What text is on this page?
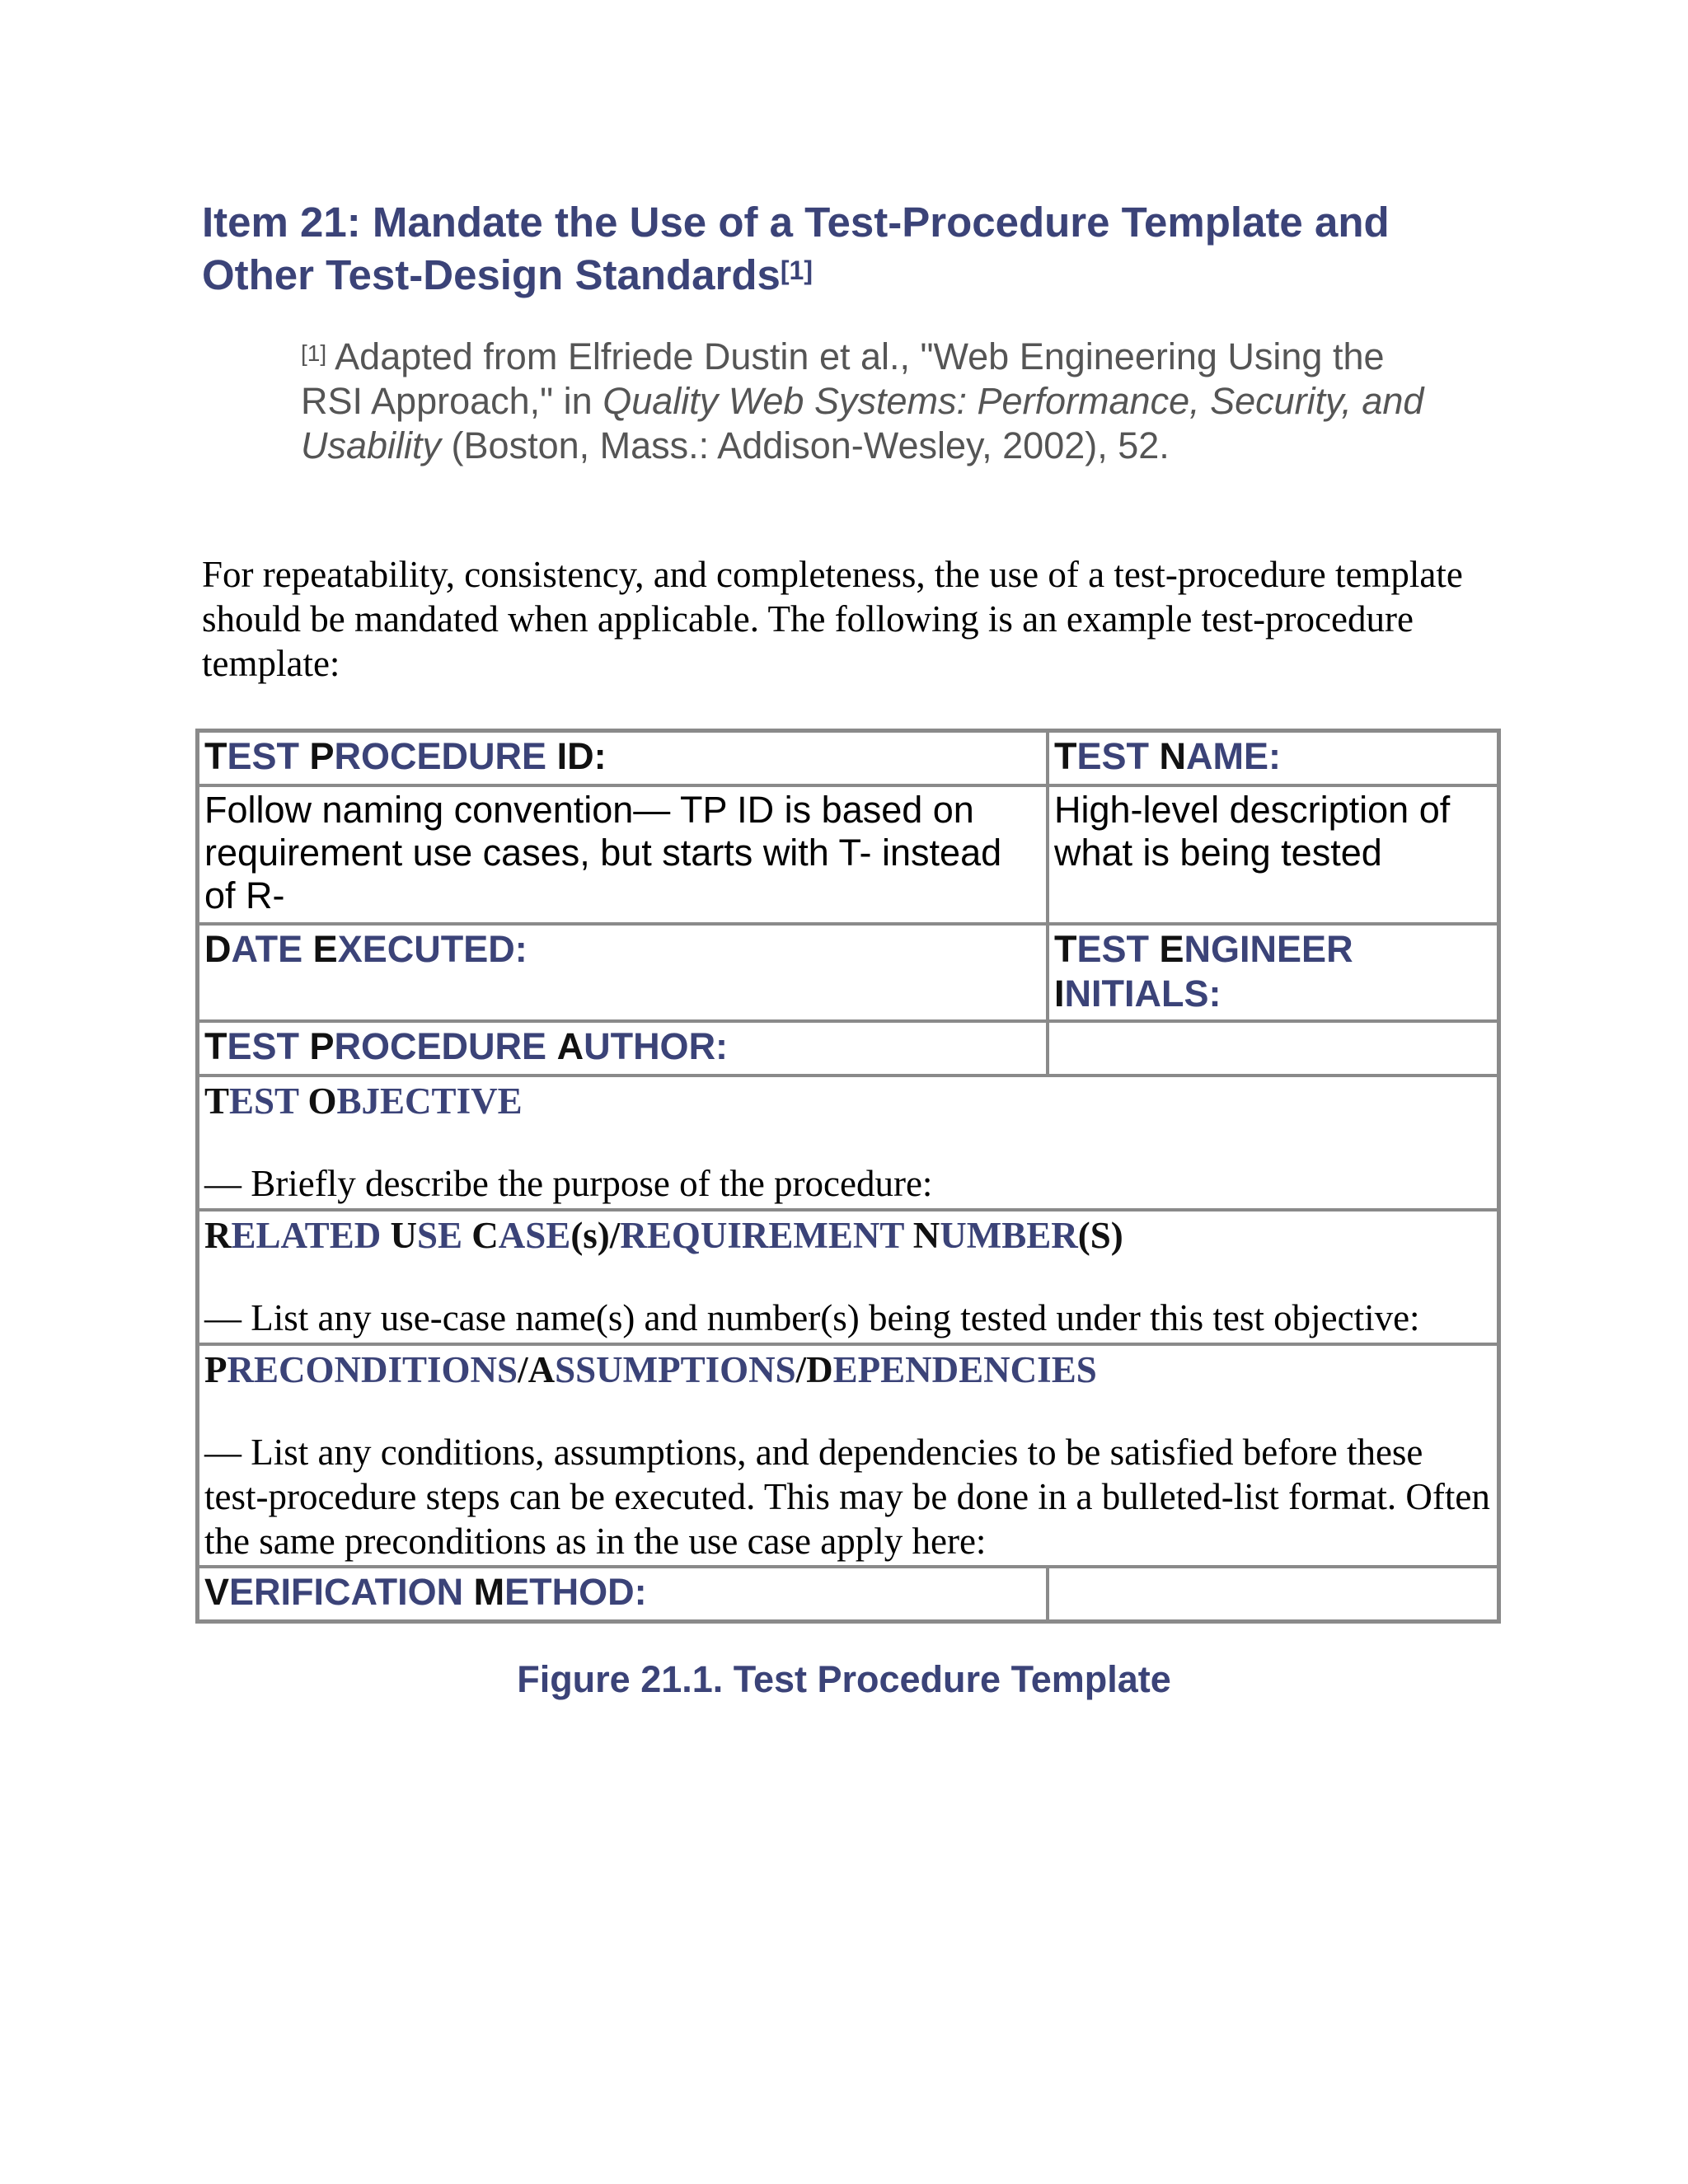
Item 21: Mandate the Use of a Test-Procedure Template and Other Test-Design Standards[1]
[1] Adapted from Elfriede Dustin et al., "Web Engineering Using the RSI Approach," in Quality Web Systems: Performance, Security, and Usability (Boston, Mass.: Addison-Wesley, 2002), 52.
For repeatability, consistency, and completeness, the use of a test-procedure template should be mandated when applicable. The following is an example test-procedure template:
TEST PROCEDURE ID:	TEST NAME:

Follow naming convention— TP ID is based on requirement use cases, but starts with T- instead of R-	High-level description of what is being tested

DATE EXECUTED:	TEST ENGINEER INITIALS:
TEST PROCEDURE AUTHOR:	

TEST OBJECTIVE
— Briefly describe the purpose of the procedure:	

RELATED USE CASE(s)/REQUIREMENT NUMBER(S)
— List any use-case name(s) and number(s) being tested under this test objective:	

PRECONDITIONS/ASSUMPTIONS/DEPENDENCIES
— List any conditions, assumptions, and dependencies to be satisfied before these test-procedure steps can be executed. This may be done in a bulleted-list format. Often the same preconditions as in the use case apply here:	

VERIFICATION METHOD:	
Figure 21.1. Test Procedure Template
